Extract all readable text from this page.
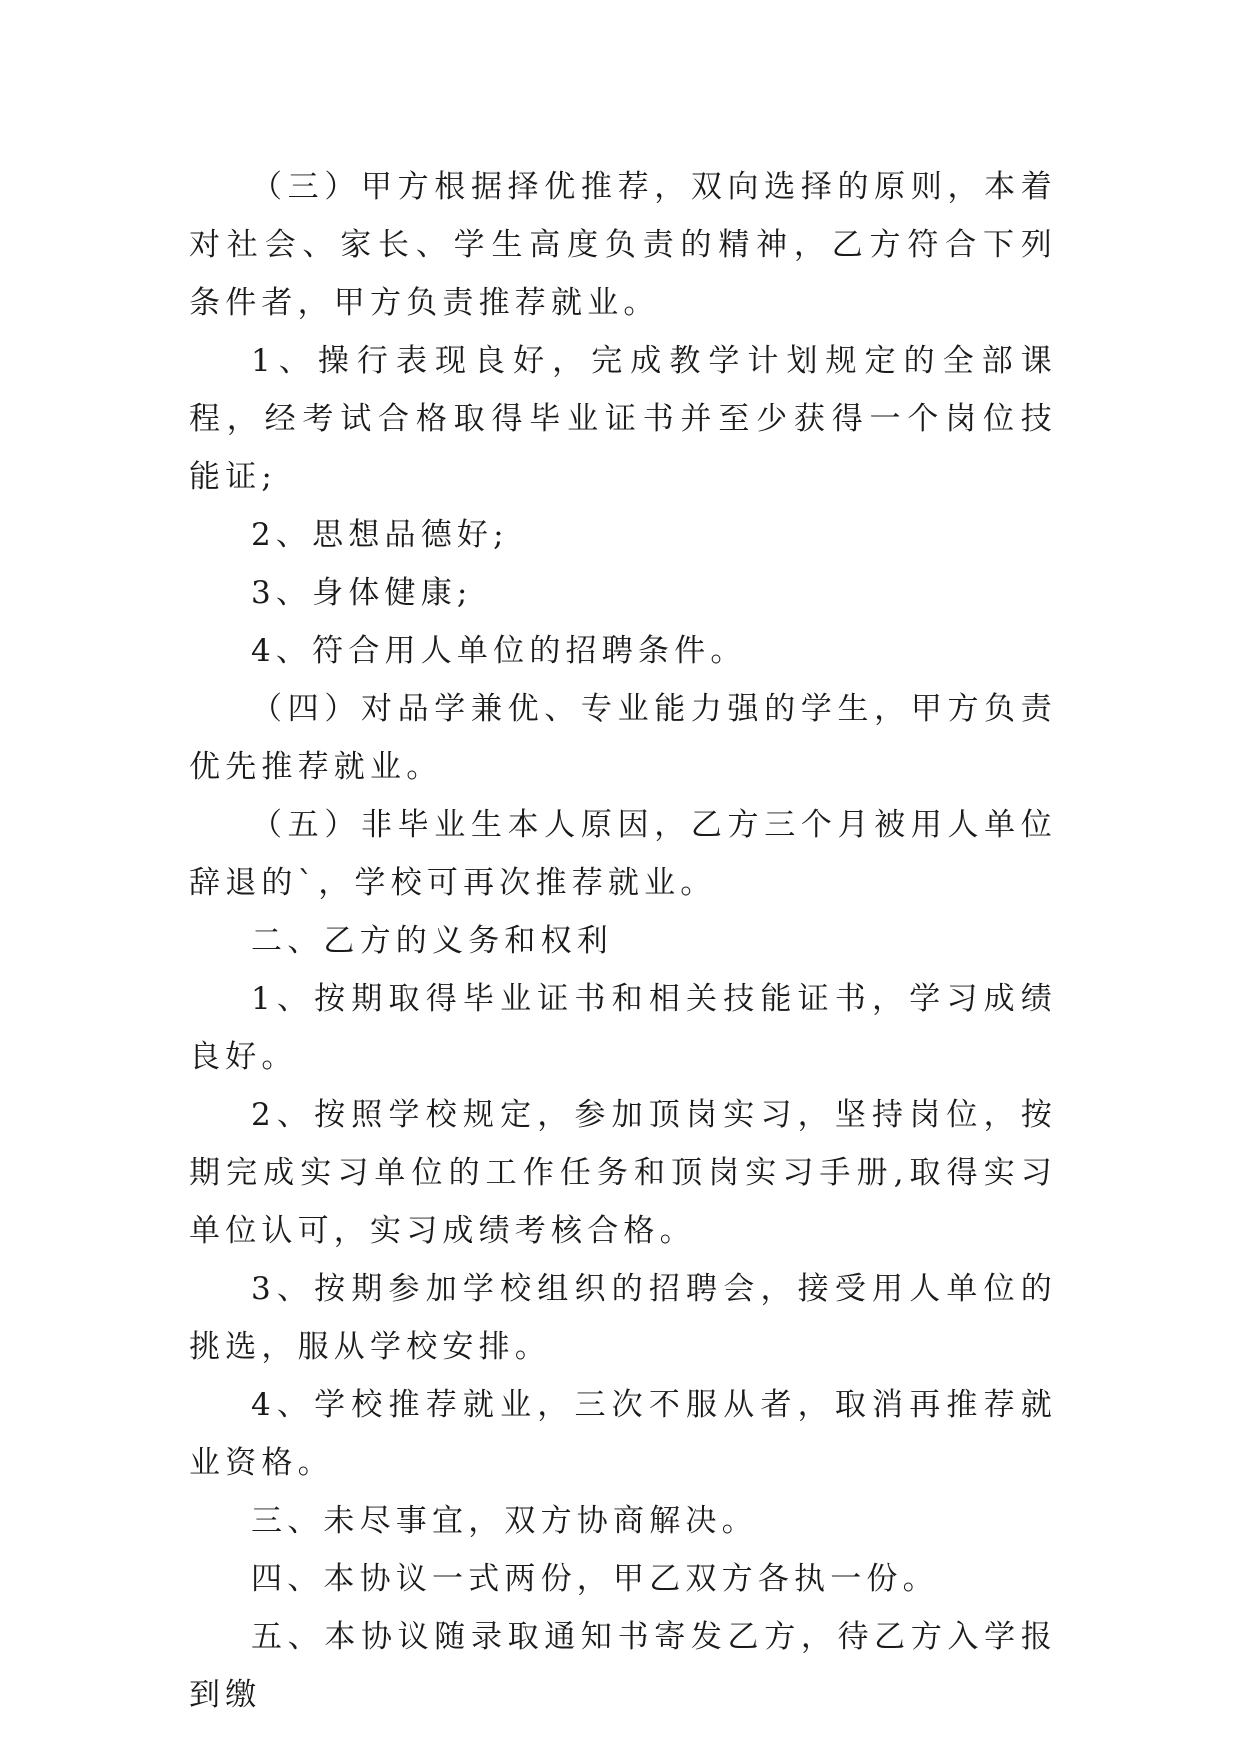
（三）甲方根据择优推荐，双向选择的原则，本着对社会、家长、学生高度负责的精神，乙方符合下列条件者，甲方负责推荐就业。

1、操行表现良好，完成教学计划规定的全部课程，经考试合格取得毕业证书并至少获得一个岗位技能证;

2、思想品德好;

3、身体健康;

4、符合用人单位的招聘条件。

（四）对品学兼优、专业能力强的学生，甲方负责优先推荐就业。

（五）非毕业生本人原因，乙方三个月被用人单位辞退的`，学校可再次推荐就业。

二、乙方的义务和权利

1、按期取得毕业证书和相关技能证书，学习成绩良好。

2、按照学校规定，参加顶岗实习，坚持岗位，按期完成实习单位的工作任务和顶岗实习手册,取得实习单位认可，实习成绩考核合格。

3、按期参加学校组织的招聘会，接受用人单位的挑选，服从学校安排。

4、学校推荐就业，三次不服从者，取消再推荐就业资格。

三、未尽事宜，双方协商解决。

四、本协议一式两份，甲乙双方各执一份。

五、本协议随录取通知书寄发乙方，待乙方入学报到缴
